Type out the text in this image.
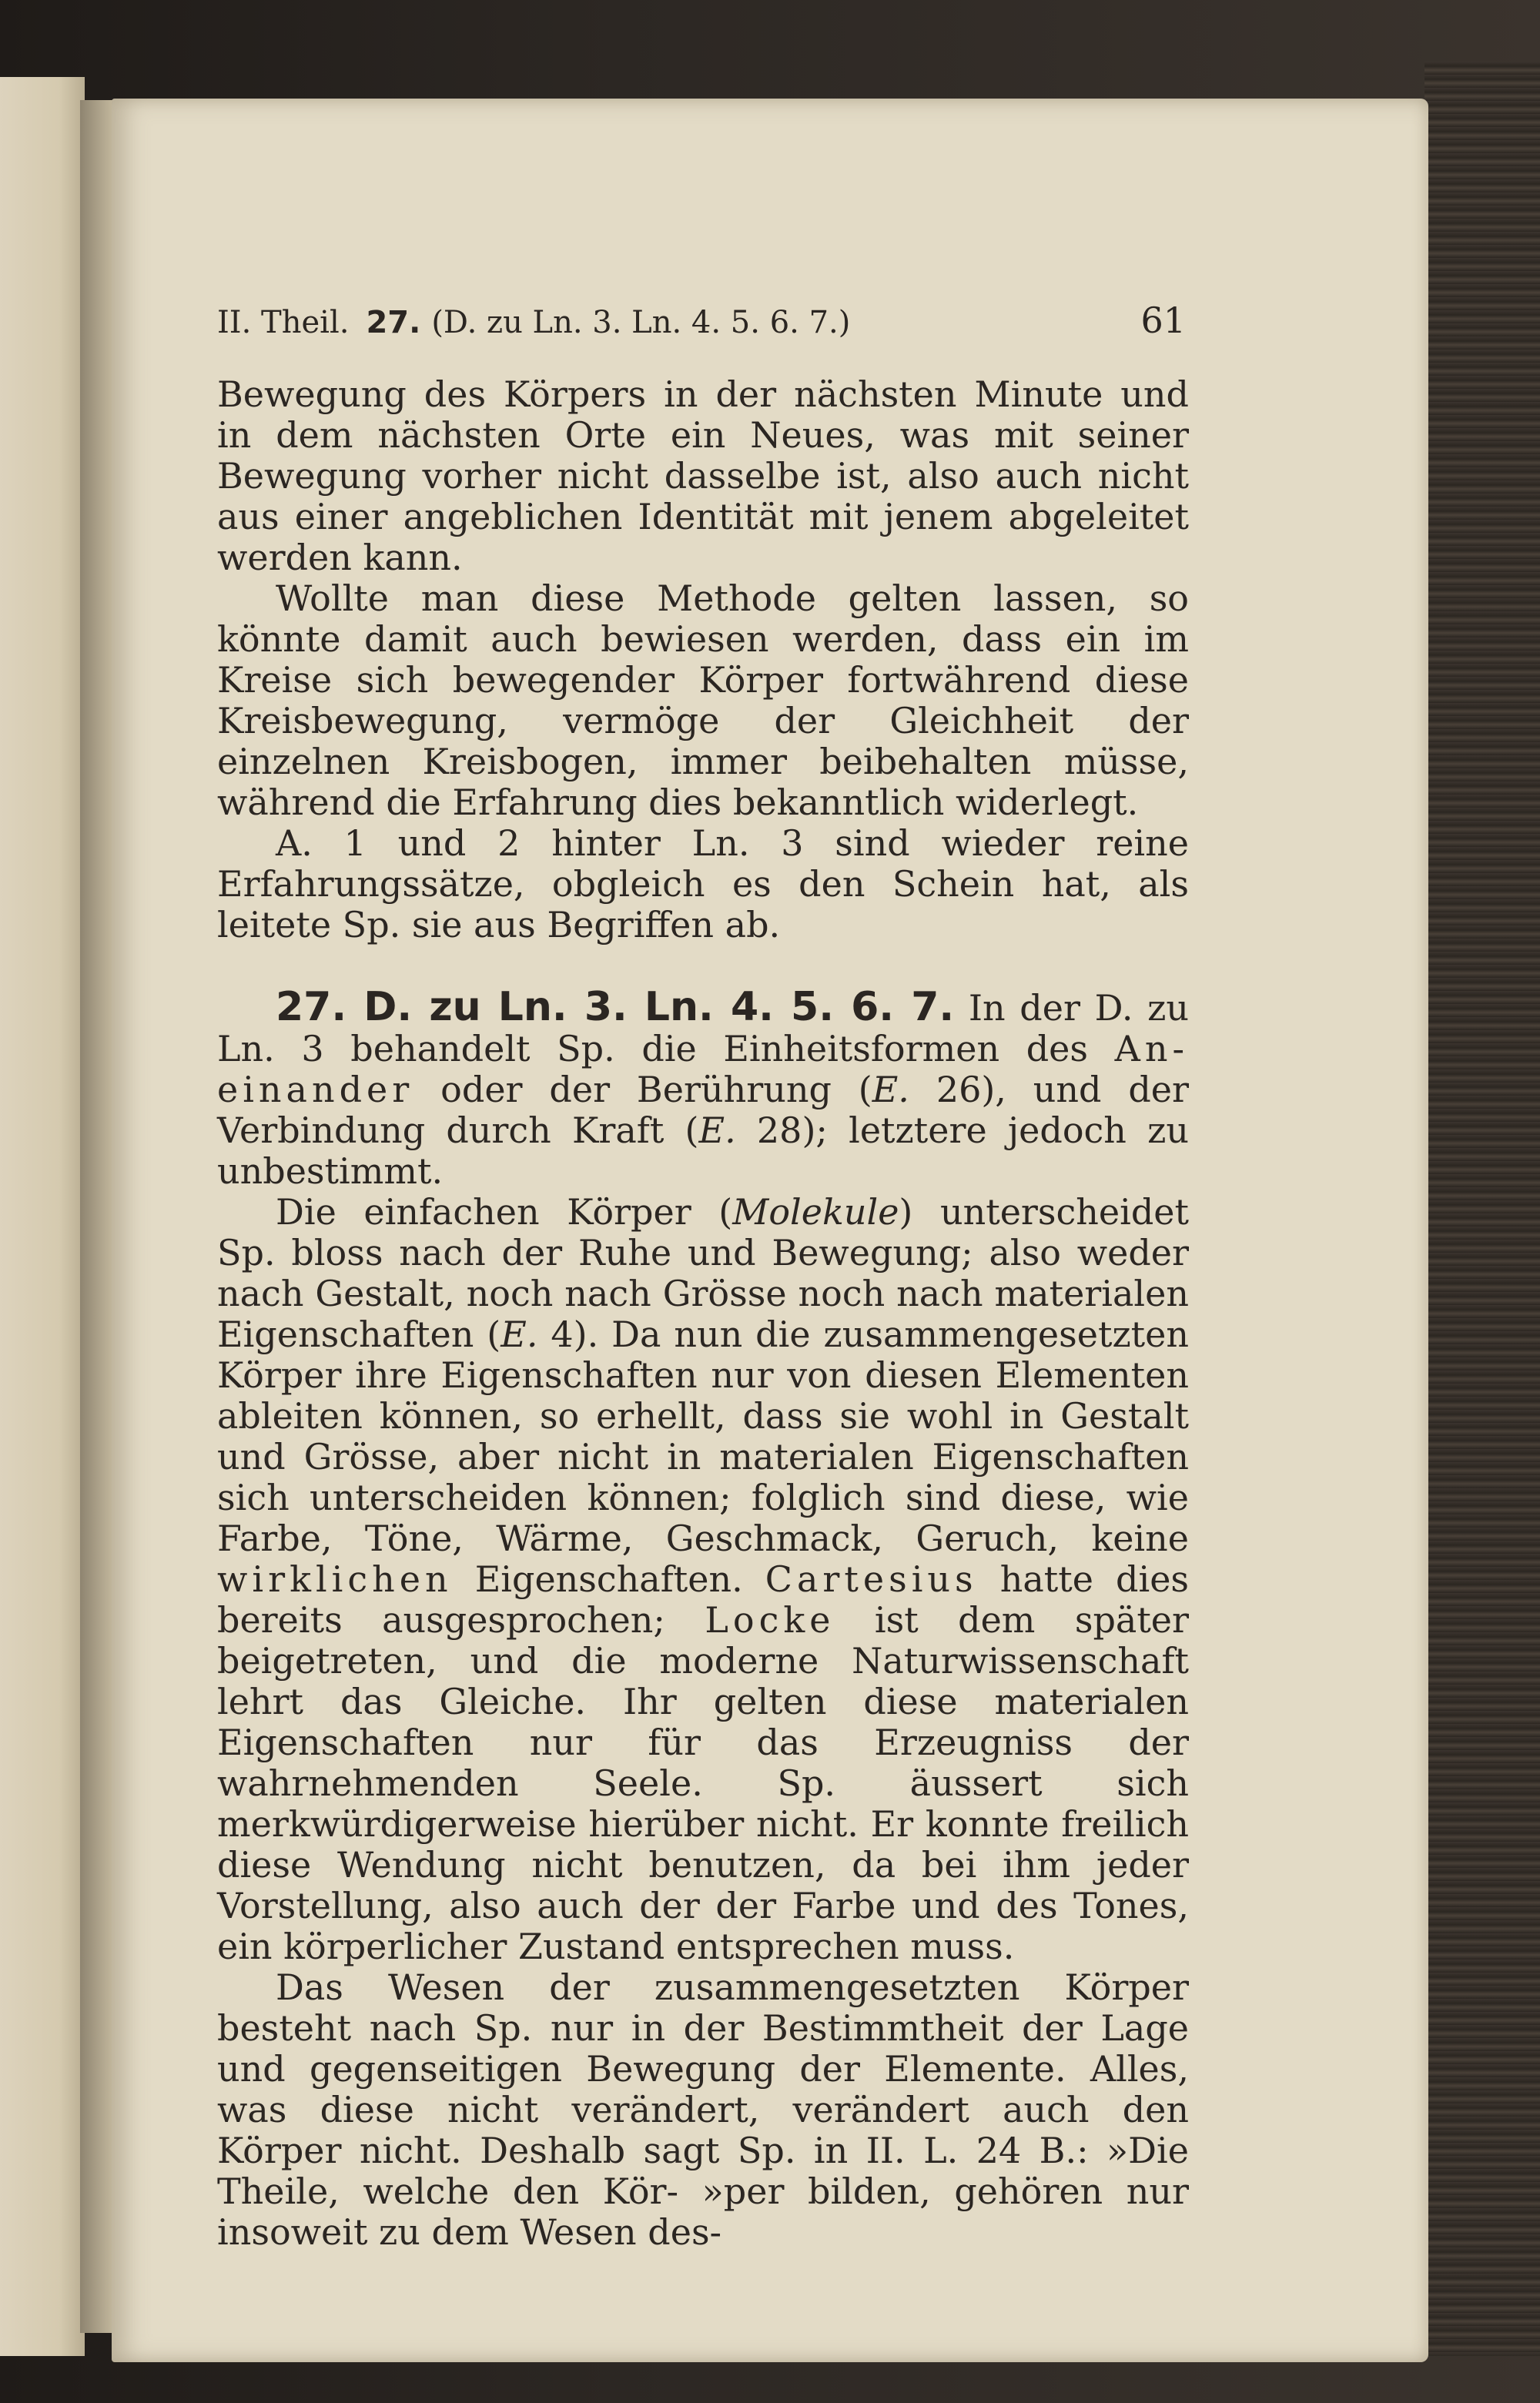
II. Theil. 27. (D. zu Ln. 3. Ln. 4. 5. 6. 7.)	61

Bewegung des Körpers in der nächsten Minute und in dem nächsten Orte ein Neues, was mit seiner Bewegung vorher nicht dasselbe ist, also auch nicht aus einer angeblichen Identität mit jenem abgeleitet werden kann.

Wollte man diese Methode gelten lassen, so könnte damit auch bewiesen werden, dass ein im Kreise sich bewegender Körper fortwährend diese Kreisbewegung, vermöge der Gleichheit der einzelnen Kreisbogen, immer beibehalten müsse, während die Erfahrung dies bekanntlich widerlegt.

A. 1 und 2 hinter Ln. 3 sind wieder reine Erfahrungssätze, obgleich es den Schein hat, als leitete Sp. sie aus Begriffen ab.

27. D. zu Ln. 3. Ln. 4. 5. 6. 7. In der D. zu Ln. 3 behandelt Sp. die Einheitsformen des An-einander oder der Berührung (E. 26), und der Verbindung durch Kraft (E. 28); letztere jedoch zu unbestimmt.

Die einfachen Körper (Molekule) unterscheidet Sp. bloss nach der Ruhe und Bewegung; also weder nach Gestalt, noch nach Grösse noch nach materialen Eigenschaften (E. 4). Da nun die zusammengesetzten Körper ihre Eigenschaften nur von diesen Elementen ableiten können, so erhellt, dass sie wohl in Gestalt und Grösse, aber nicht in materialen Eigenschaften sich unterscheiden können; folglich sind diese, wie Farbe, Töne, Wärme, Geschmack, Geruch, keine wirklichen Eigenschaften. Cartesius hatte dies bereits ausgesprochen; Locke ist dem später beigetreten, und die moderne Naturwissenschaft lehrt das Gleiche. Ihr gelten diese materialen Eigenschaften nur für das Erzeugniss der wahrnehmenden Seele. Sp. äussert sich merkwürdigerweise hierüber nicht. Er konnte freilich diese Wendung nicht benutzen, da bei ihm jeder Vorstellung, also auch der der Farbe und des Tones, ein körperlicher Zustand entsprechen muss.

Das Wesen der zusammengesetzten Körper besteht nach Sp. nur in der Bestimmtheit der Lage und gegenseitigen Bewegung der Elemente. Alles, was diese nicht verändert, verändert auch den Körper nicht. Deshalb sagt Sp. in II. L. 24 B.: »Die Theile, welche den Kör- »per bilden, gehören nur insoweit zu dem Wesen des-
